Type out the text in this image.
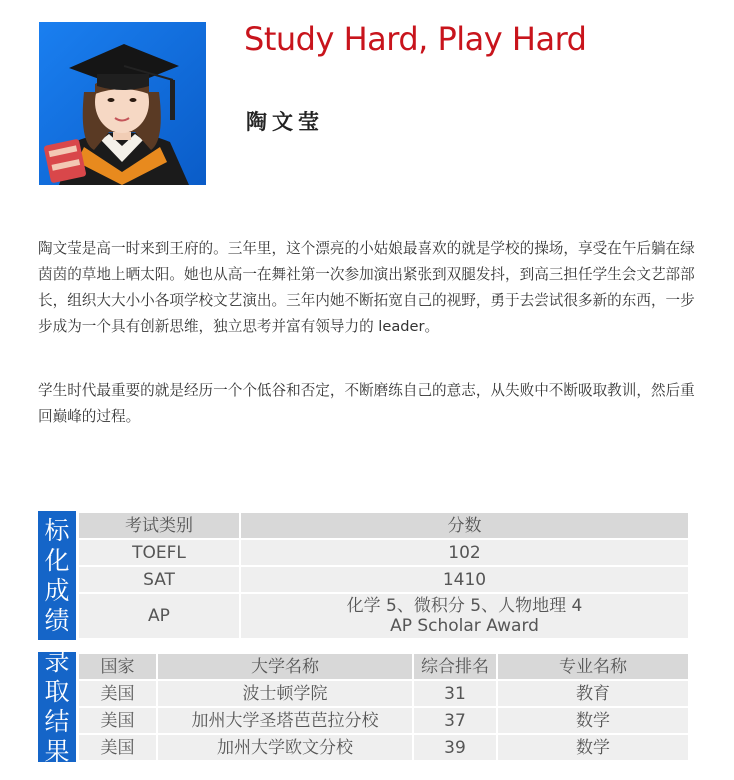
Study Hard, Play Hard
陶文莹

陶文莹是高一时来到王府的。三年里，这个漂亮的小姑娘最喜欢的就是学校的操场，享受在午后躺在绿茵茵的草地上晒太阳。她也从高一在舞社第一次参加演出紧张到双腿发抖，到高三担任学生会文艺部部长，组织大大小小各项学校文艺演出。三年内她不断拓宽自己的视野，勇于去尝试很多新的东西，一步步成为一个具有创新思维，独立思考并富有领导力的 leader。

学生时代最重要的就是经历一个个低谷和否定，不断磨练自己的意志，从失败中不断吸取教训，然后重回巅峰的过程。

标化成绩
考试类别	分数
TOEFL	102
SAT	1410
AP	化学 5、微积分 5、人物地理 4
AP Scholar Award
录取结果
国家	大学名称	综合排名	专业名称
美国	波士顿学院	31	教育
美国	加州大学圣塔芭芭拉分校	37	数学
美国	加州大学欧文分校	39	数学
